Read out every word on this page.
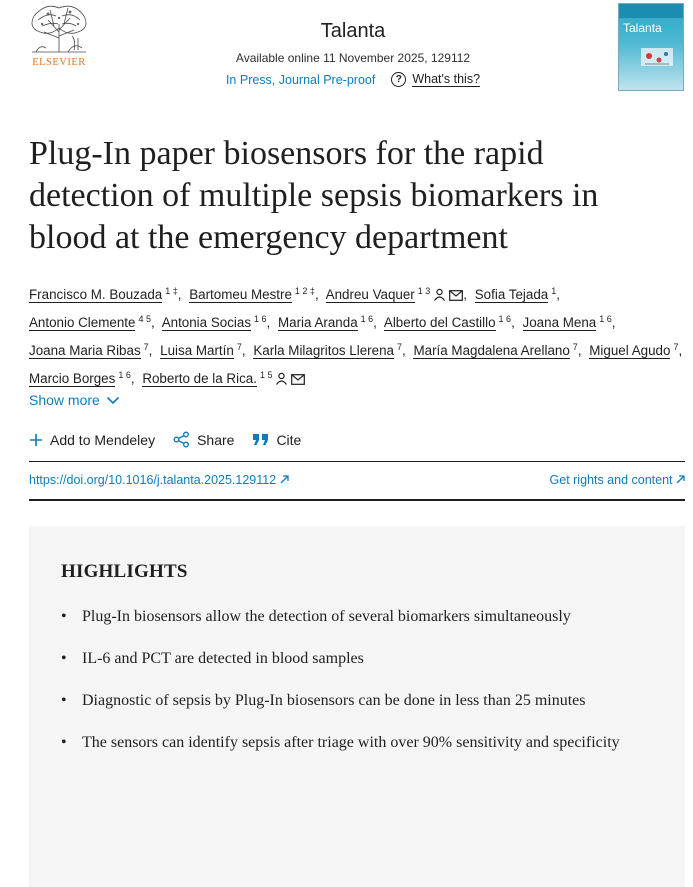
ELSEVIER
Talanta
Available online 11 November 2025, 129112
In Press, Journal Pre-proof	? What's this?
Talanta
Plug-In paper biosensors for the rapid detection of multiple sepsis biomarkers in blood at the emergency department
Francisco M. Bouzada $^{1 \ddagger}$, Bartomeu Mestre $^{1 2 \ddagger}$, Andreu Vaquer $^{1 3}$ , Sofia Tejada $^1$, Antonio Clemente $^{4 5}$, Antonia Socias $^{1 6}$, Maria Aranda $^{1 6}$, Alberto del Castillo $^{1 6}$, Joana Mena $^{1 6}$, Joana Maria Ribas $^7$, Luisa Martín $^7$, Karla Milagritos Llerena $^7$, María Magdalena Arellano $^7$, Miguel Agudo $^7$, Marcio Borges $^{1 6}$, Roberto de la Rica. $^{1 5}$
Show more
Add to Mendeley	Share	Cite
https://doi.org/10.1016/j.talanta.2025.129112	Get rights and content
HIGHLIGHTS
• Plug-In biosensors allow the detection of several biomarkers simultaneously
• IL-6 and PCT are detected in blood samples
• Diagnostic of sepsis by Plug-In biosensors can be done in less than 25 minutes
• The sensors can identify sepsis after triage with over 90% sensitivity and specificity
